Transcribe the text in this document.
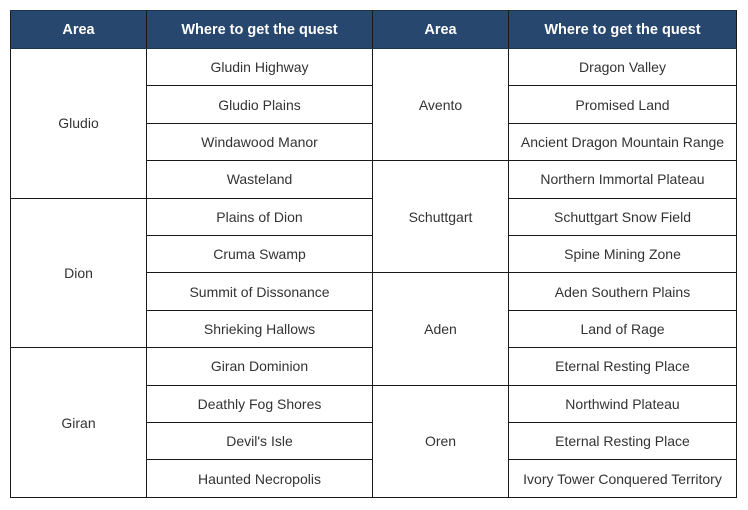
Area	Where to get the quest	Area	Where to get the quest
Gludio	Gludin Highway	Avento	Dragon Valley
	Gludio Plains		Promised Land
	Windawood Manor		Ancient Dragon Mountain Range
	Wasteland	Schuttgart	Northern Immortal Plateau
Dion	Plains of Dion		Schuttgart Snow Field
	Cruma Swamp		Spine Mining Zone
	Summit of Dissonance	Aden	Aden Southern Plains
	Shrieking Hallows		Land of Rage
Giran	Giran Dominion		Eternal Resting Place
	Deathly Fog Shores	Oren	Northwind Plateau
	Devil's Isle		Eternal Resting Place
	Haunted Necropolis		Ivory Tower Conquered Territory
